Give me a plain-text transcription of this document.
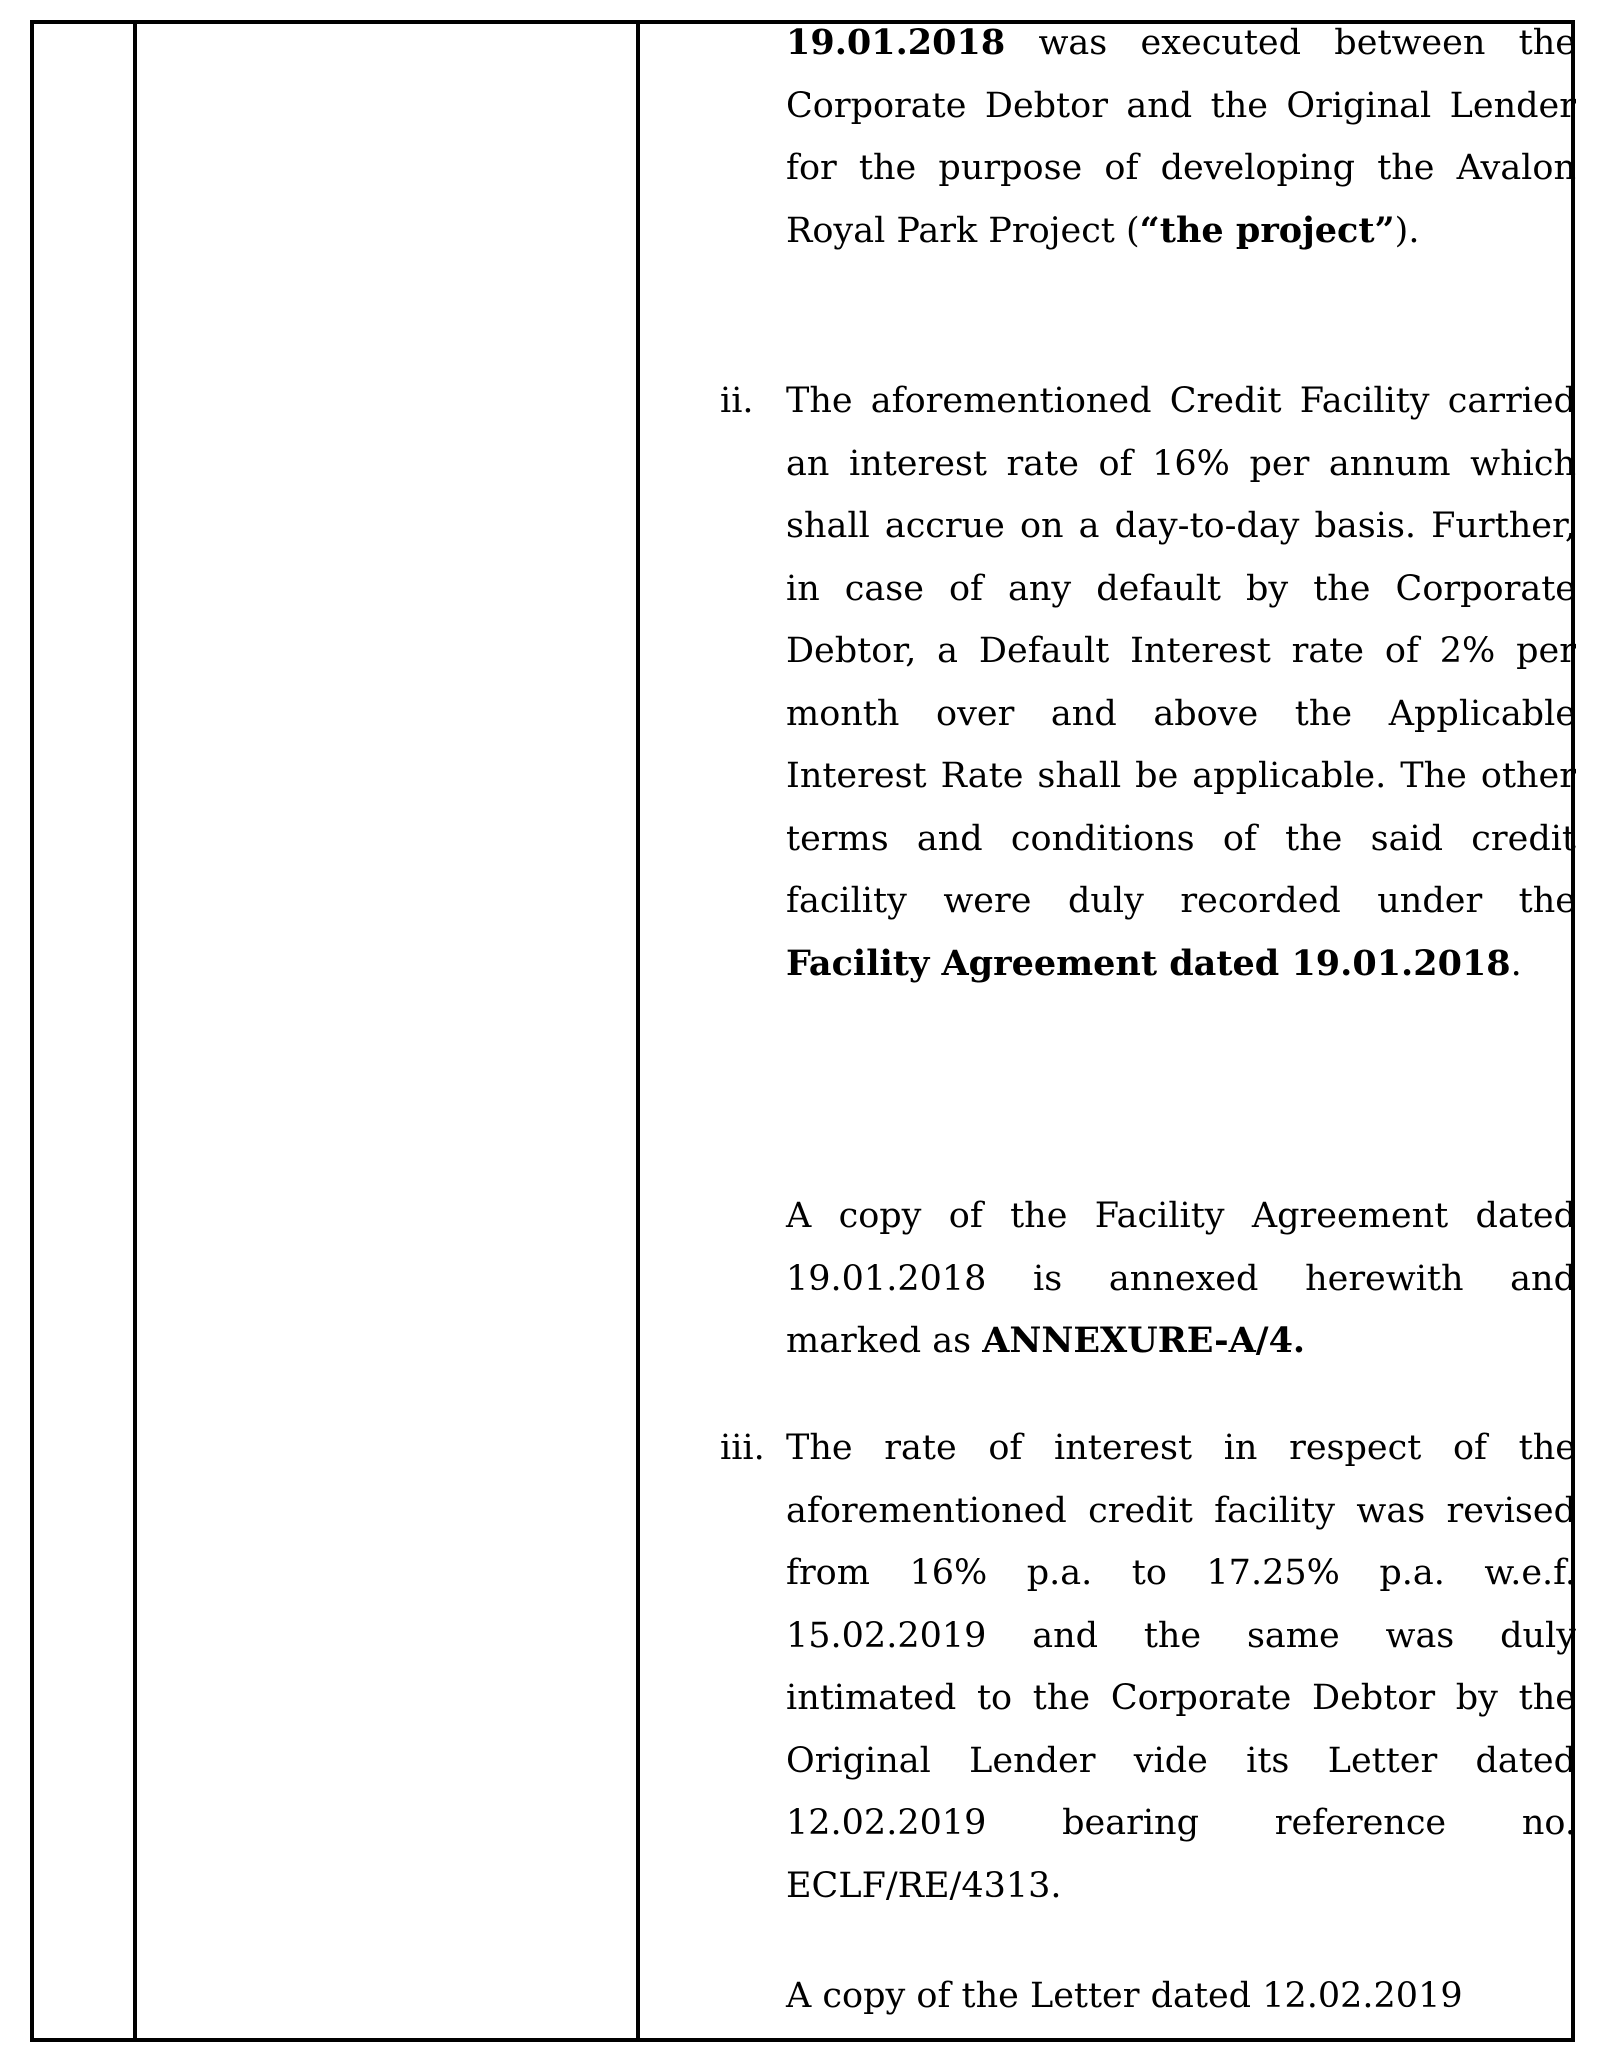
19.01.2018 was executed between the Corporate Debtor and the Original Lender for the purpose of developing the Avalon Royal Park Project (“the project”).

ii. The aforementioned Credit Facility carried an interest rate of 16% per annum which shall accrue on a day-to-day basis. Further, in case of any default by the Corporate Debtor, a Default Interest rate of 2% per month over and above the Applicable Interest Rate shall be applicable. The other terms and conditions of the said credit facility were duly recorded under the Facility Agreement dated 19.01.2018.

A copy of the Facility Agreement dated 19.01.2018 is annexed herewith and marked as ANNEXURE-A/4.

iii. The rate of interest in respect of the aforementioned credit facility was revised from 16% p.a. to 17.25% p.a. w.e.f. 15.02.2019 and the same was duly intimated to the Corporate Debtor by the Original Lender vide its Letter dated 12.02.2019 bearing reference no. ECLF/RE/4313.

A copy of the Letter dated 12.02.2019
